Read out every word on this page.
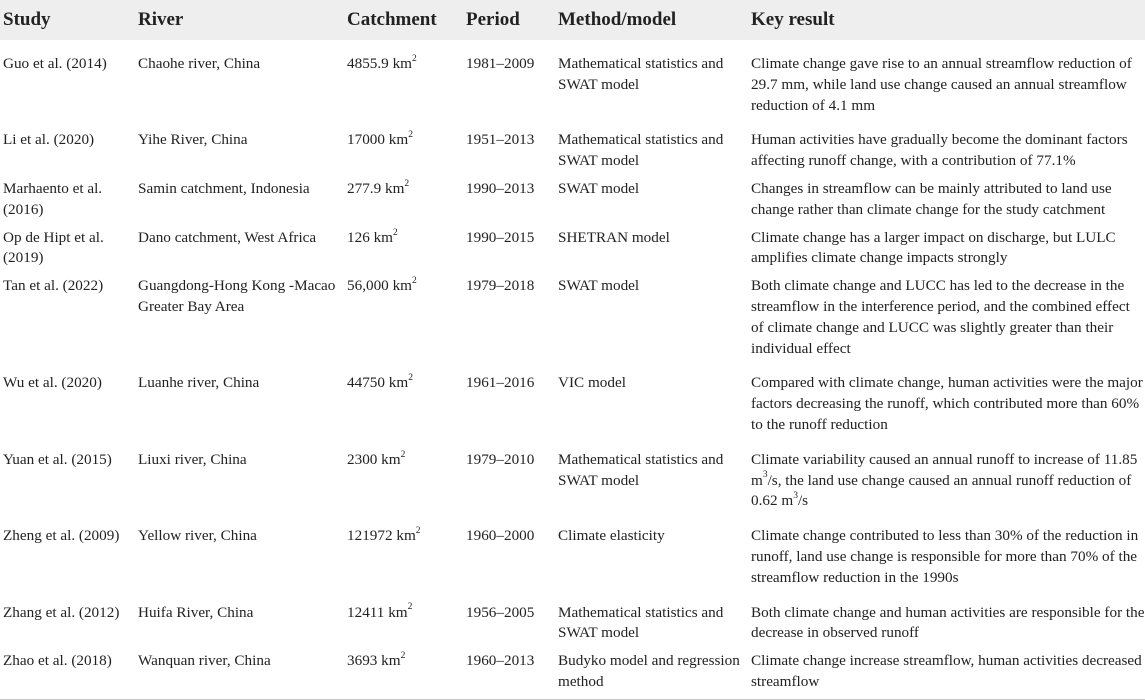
Study	River	Catchment	Period	Method/model	Key result
Guo et al. (2014)	Chaohe river, China	4855.9 $km^2$	1981–2009	Mathematical statistics and SWAT model	Climate change gave rise to an annual streamflow reduction of 29.7 mm, while land use change caused an annual streamflow reduction of 4.1 mm
Li et al. (2020)	Yihe River, China	17000 $km^2$	1951–2013	Mathematical statistics and SWAT model	Human activities have gradually become the dominant factors affecting runoff change, with a contribution of 77.1%
Marhaento et al. (2016)	Samin catchment, Indonesia	277.9 $km^2$	1990–2013	SWAT model	Changes in streamflow can be mainly attributed to land use change rather than climate change for the study catchment
Op de Hipt et al. (2019)	Dano catchment, West Africa	126 $km^2$	1990–2015	SHETRAN model	Climate change has a larger impact on discharge, but LULC amplifies climate change impacts strongly
Tan et al. (2022)	Guangdong-Hong Kong -Macao Greater Bay Area	56,000 $km^2$	1979–2018	SWAT model	Both climate change and LUCC has led to the decrease in the streamflow in the interference period, and the combined effect of climate change and LUCC was slightly greater than their individual effect
Wu et al. (2020)	Luanhe river, China	44750 $km^2$	1961–2016	VIC model	Compared with climate change, human activities were the major factors decreasing the runoff, which contributed more than 60% to the runoff reduction
Yuan et al. (2015)	Liuxi river, China	2300 $km^2$	1979–2010	Mathematical statistics and SWAT model	Climate variability caused an annual runoff to increase of 11.85 $m^3/s$, the land use change caused an annual runoff reduction of 0.62 $m^3/s$
Zheng et al. (2009)	Yellow river, China	121972 $km^2$	1960–2000	Climate elasticity	Climate change contributed to less than 30% of the reduction in runoff, land use change is responsible for more than 70% of the streamflow reduction in the 1990s
Zhang et al. (2012)	Huifa River, China	12411 $km^2$	1956–2005	Mathematical statistics and SWAT model	Both climate change and human activities are responsible for the decrease in observed runoff
Zhao et al. (2018)	Wanquan river, China	3693 $km^2$	1960–2013	Budyko model and regression method	Climate change increase streamflow, human activities decreased streamflow
